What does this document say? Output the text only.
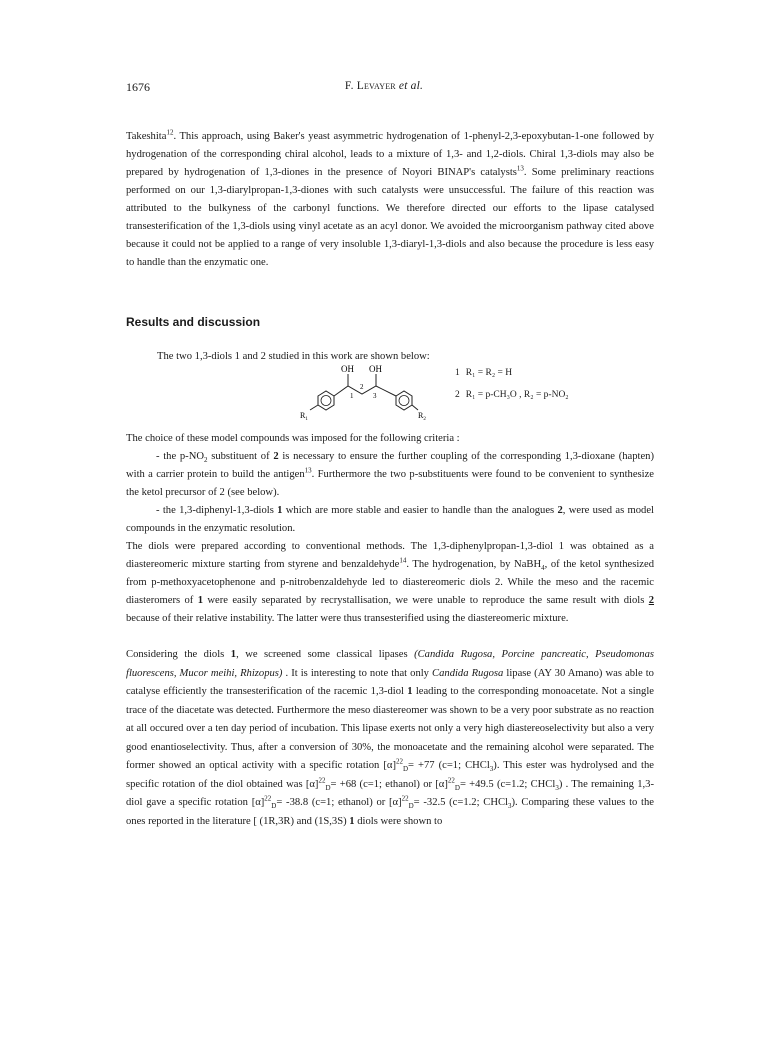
1676	F. Levayer et al.
Takeshita$^{12}$. This approach, using Baker's yeast asymmetric hydrogenation of 1-phenyl-2,3-epoxybutan-1-one followed by hydrogenation of the corresponding chiral alcohol, leads to a mixture of 1,3- and 1,2-diols. Chiral 1,3-diols may also be prepared by hydrogenation of 1,3-diones in the presence of Noyori BINAP's catalysts$^{13}$. Some preliminary reactions performed on our 1,3-diarylpropan-1,3-diones with such catalysts were unsuccessful. The failure of this reaction was attributed to the bulkyness of the carbonyl functions. We therefore directed our efforts to the lipase catalysed transesterification of the 1,3-diols using vinyl acetate as an acyl donor. We avoided the microorganism pathway cited above because it could not be applied to a range of very insoluble 1,3-diaryl-1,3-diols and also because the procedure is less easy to handle than the enzymatic one.
Results and discussion
The two 1,3-diols 1 and 2 studied in this work are shown below:
OH OH
1
2
3
$R_1$	$R_2$
1 R₁ = R₂ = H
2 R₁ = p-CH₃O , R₂ = p-NO₂
The choice of these model compounds was imposed for the following criteria :
- the $p-NO_2$ substituent of 2 is necessary to ensure the further coupling of the corresponding 1,3-dioxane (hapten) with a carrier protein to build the antigen$^{13}$. Furthermore the two p-substituents were found to be convenient to synthesize the ketol precursor of 2 (see below).
- the 1,3-diphenyl-1,3-diols 1 which are more stable and easier to handle than the analogues 2, were used as model compounds in the enzymatic resolution.
The diols were prepared according to conventional methods. The 1,3-diphenylpropan-1,3-diol 1 was obtained as a diastereomeric mixture starting from styrene and benzaldehyde$^{14}$. The hydrogenation, by NaBH$_4$, of the ketol synthesized from p-methoxyacetophenone and p-nitrobenzaldehyde led to diastereomeric diols 2. While the meso and the racemic diasteromers of 1 were easily separated by recrystallisation, we were unable to reproduce the same result with diols 2 because of their relative instability. The latter were thus transesterified using the diastereomeric mixture.
Considering the diols 1, we screened some classical lipases (Candida Rugosa, Porcine pancreatic, Pseudomonas fluorescens, Mucor meihi, Rhizopus) . It is interesting to note that only Candida Rugosa lipase (AY 30 Amano) was able to catalyse efficiently the transesterification of the racemic 1,3-diol 1 leading to the corresponding monoacetate. Not a single trace of the diacetate was detected. Furthermore the meso diastereomer was shown to be a very poor substrate as no reaction at all occured over a ten day period of incubation. This lipase exerts not only a very high diastereoselectivity but also a very good enantioselectivity. Thus, after a conversion of 30%, the monoacetate and the remaining alcohol were separated. The former showed an optical activity with a specific rotation $[\alpha]^{22}_D= +77$ (c=1; CHCl$_3$). This ester was hydrolysed and the specific rotation of the diol obtained was $[\alpha]^{22}_D= +68$ (c=1; ethanol) or $[\alpha]^{22}_D= +49.5$ (c=1.2; CHCl$_3$) . The remaining 1,3-diol gave a specific rotation $[\alpha]^{22}_D= -38.8$ (c=1; ethanol) or $[\alpha]^{22}_D= -32.5$ (c=1.2; CHCl$_3$). Comparing these values to the ones reported in the literature [ (1R,3R) and (1S,3S) 1 diols were shown to
